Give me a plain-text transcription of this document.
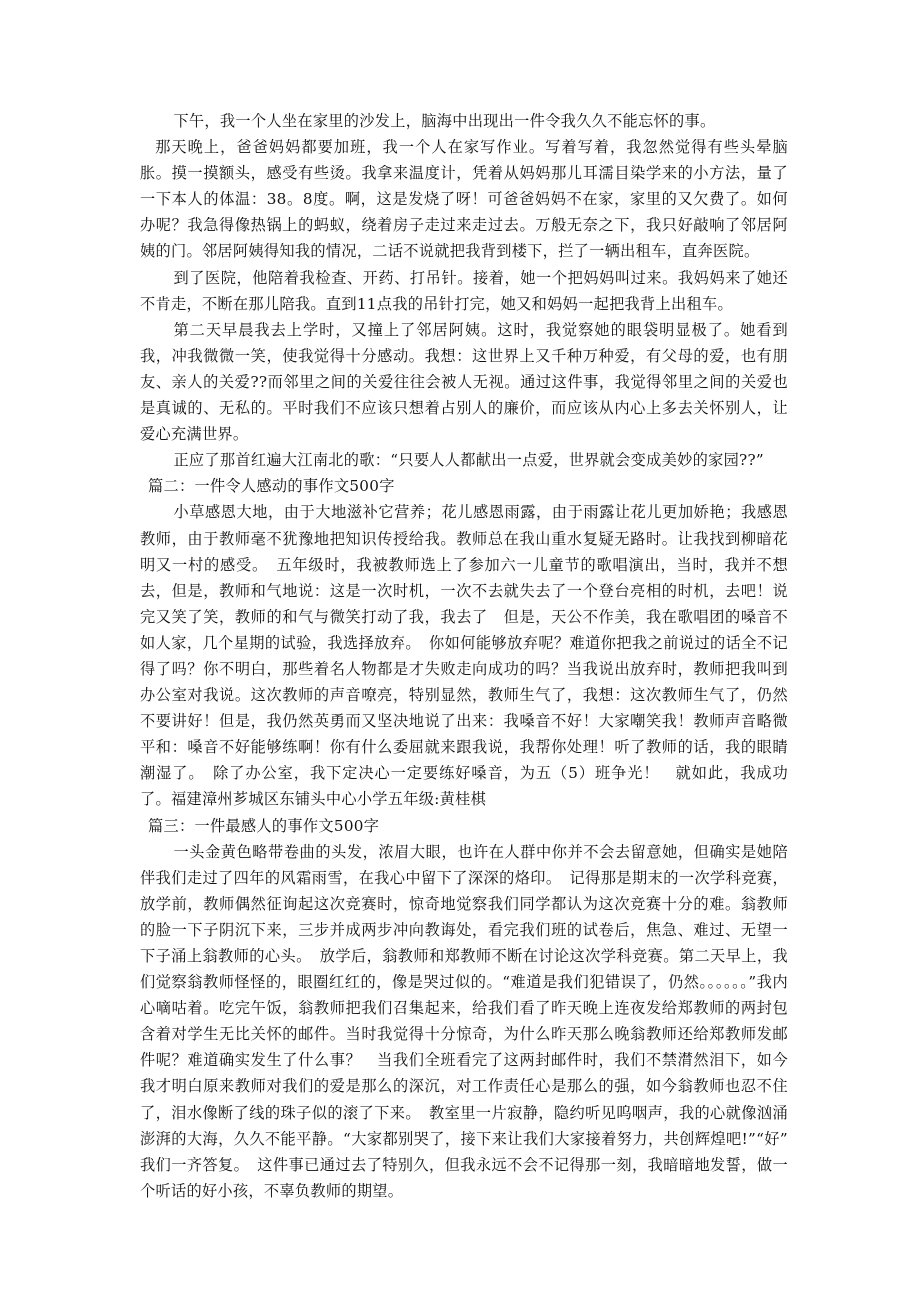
下午，我一个人坐在家里的沙发上，脑海中出现出一件令我久久不能忘怀的事。

那天晚上，爸爸妈妈都要加班，我一个人在家写作业。写着写着，我忽然觉得有些头晕脑胀。摸一摸额头，感受有些烫。我拿来温度计，凭着从妈妈那儿耳濡目染学来的小方法，量了一下本人的体温：38。8度。啊，这是发烧了呀！可爸爸妈妈不在家，家里的又欠费了。如何办呢？我急得像热锅上的蚂蚁，绕着房子走过来走过去。万般无奈之下，我只好敲响了邻居阿姨的门。邻居阿姨得知我的情况，二话不说就把我背到楼下，拦了一辆出租车，直奔医院。

到了医院，他陪着我检查、开药、打吊针。接着，她一个把妈妈叫过来。我妈妈来了她还不肯走，不断在那儿陪我。直到11点我的吊针打完，她又和妈妈一起把我背上出租车。

第二天早晨我去上学时，又撞上了邻居阿姨。这时，我觉察她的眼袋明显极了。她看到我，冲我微微一笑，使我觉得十分感动。我想：这世界上又千种万种爱，有父母的爱，也有朋友、亲人的关爱??而邻里之间的关爱往往会被人无视。通过这件事，我觉得邻里之间的关爱也是真诚的、无私的。平时我们不应该只想着占别人的廉价，而应该从内心上多去关怀别人，让爱心充满世界。

正应了那首红遍大江南北的歌：“只要人人都献出一点爱，世界就会变成美妙的家园??”

篇二：一件令人感动的事作文500字

小草感恩大地，由于大地滋补它营养；花儿感恩雨露，由于雨露让花儿更加娇艳；我感恩教师，由于教师毫不犹豫地把知识传授给我。教师总在我山重水复疑无路时。让我找到柳暗花明又一村的感受。　五年级时，我被教师选上了参加六一儿童节的歌唱演出，当时，我并不想去，但是，教师和气地说：这是一次时机，一次不去就失去了一个登台亮相的时机，去吧！说完又笑了笑，教师的和气与微笑打动了我，我去了　但是，天公不作美，我在歌唱团的嗓音不如人家，几个星期的试验，我选择放弃。　你如何能够放弃呢？难道你把我之前说过的话全不记得了吗？你不明白，那些着名人物都是才失败走向成功的吗？当我说出放弃时，教师把我叫到办公室对我说。这次教师的声音嘹亮，特别显然，教师生气了，我想：这次教师生气了，仍然不要讲好！但是，我仍然英勇而又坚决地说了出来：我嗓音不好！大家嘲笑我！教师声音略微平和：嗓音不好能够练啊！你有什么委屈就来跟我说，我帮你处理！听了教师的话，我的眼睛潮湿了。　除了办公室，我下定决心一定要练好嗓音，为五（5）班争光！　就如此，我成功了。福建漳州芗城区东铺头中心小学五年级:黄桂棋

篇三：一件最感人的事作文500字

一头金黄色略带卷曲的头发，浓眉大眼，也许在人群中你并不会去留意她，但确实是她陪伴我们走过了四年的风霜雨雪，在我心中留下了深深的烙印。　记得那是期末的一次学科竞赛，放学前，教师偶然征询起这次竞赛时，惊奇地觉察我们同学都认为这次竞赛十分的难。翁教师的脸一下子阴沉下来，三步并成两步冲向教诲处，看完我们班的试卷后，焦急、难过、无望一下子涌上翁教师的心头。　放学后，翁教师和郑教师不断在讨论这次学科竞赛。第二天早上，我们觉察翁教师怪怪的，眼圈红红的，像是哭过似的。“难道是我们犯错误了，仍然。。。。。。”我内心嘀咕着。吃完午饭，翁教师把我们召集起来，给我们看了昨天晚上连夜发给郑教师的两封包含着对学生无比关怀的邮件。当时我觉得十分惊奇，为什么昨天那么晚翁教师还给郑教师发邮件呢？难道确实发生了什么事？　当我们全班看完了这两封邮件时，我们不禁潸然泪下，如今我才明白原来教师对我们的爱是那么的深沉，对工作责任心是那么的强，如今翁教师也忍不住了，泪水像断了线的珠子似的滚了下来。　教室里一片寂静，隐约听见呜咽声，我的心就像汹涌澎湃的大海，久久不能平静。“大家都别哭了，接下来让我们大家接着努力，共创辉煌吧!”“好”　我们一齐答复。　这件事已通过去了特别久，但我永远不会不记得那一刻，我暗暗地发誓，做一个听话的好小孩，不辜负教师的期望。
